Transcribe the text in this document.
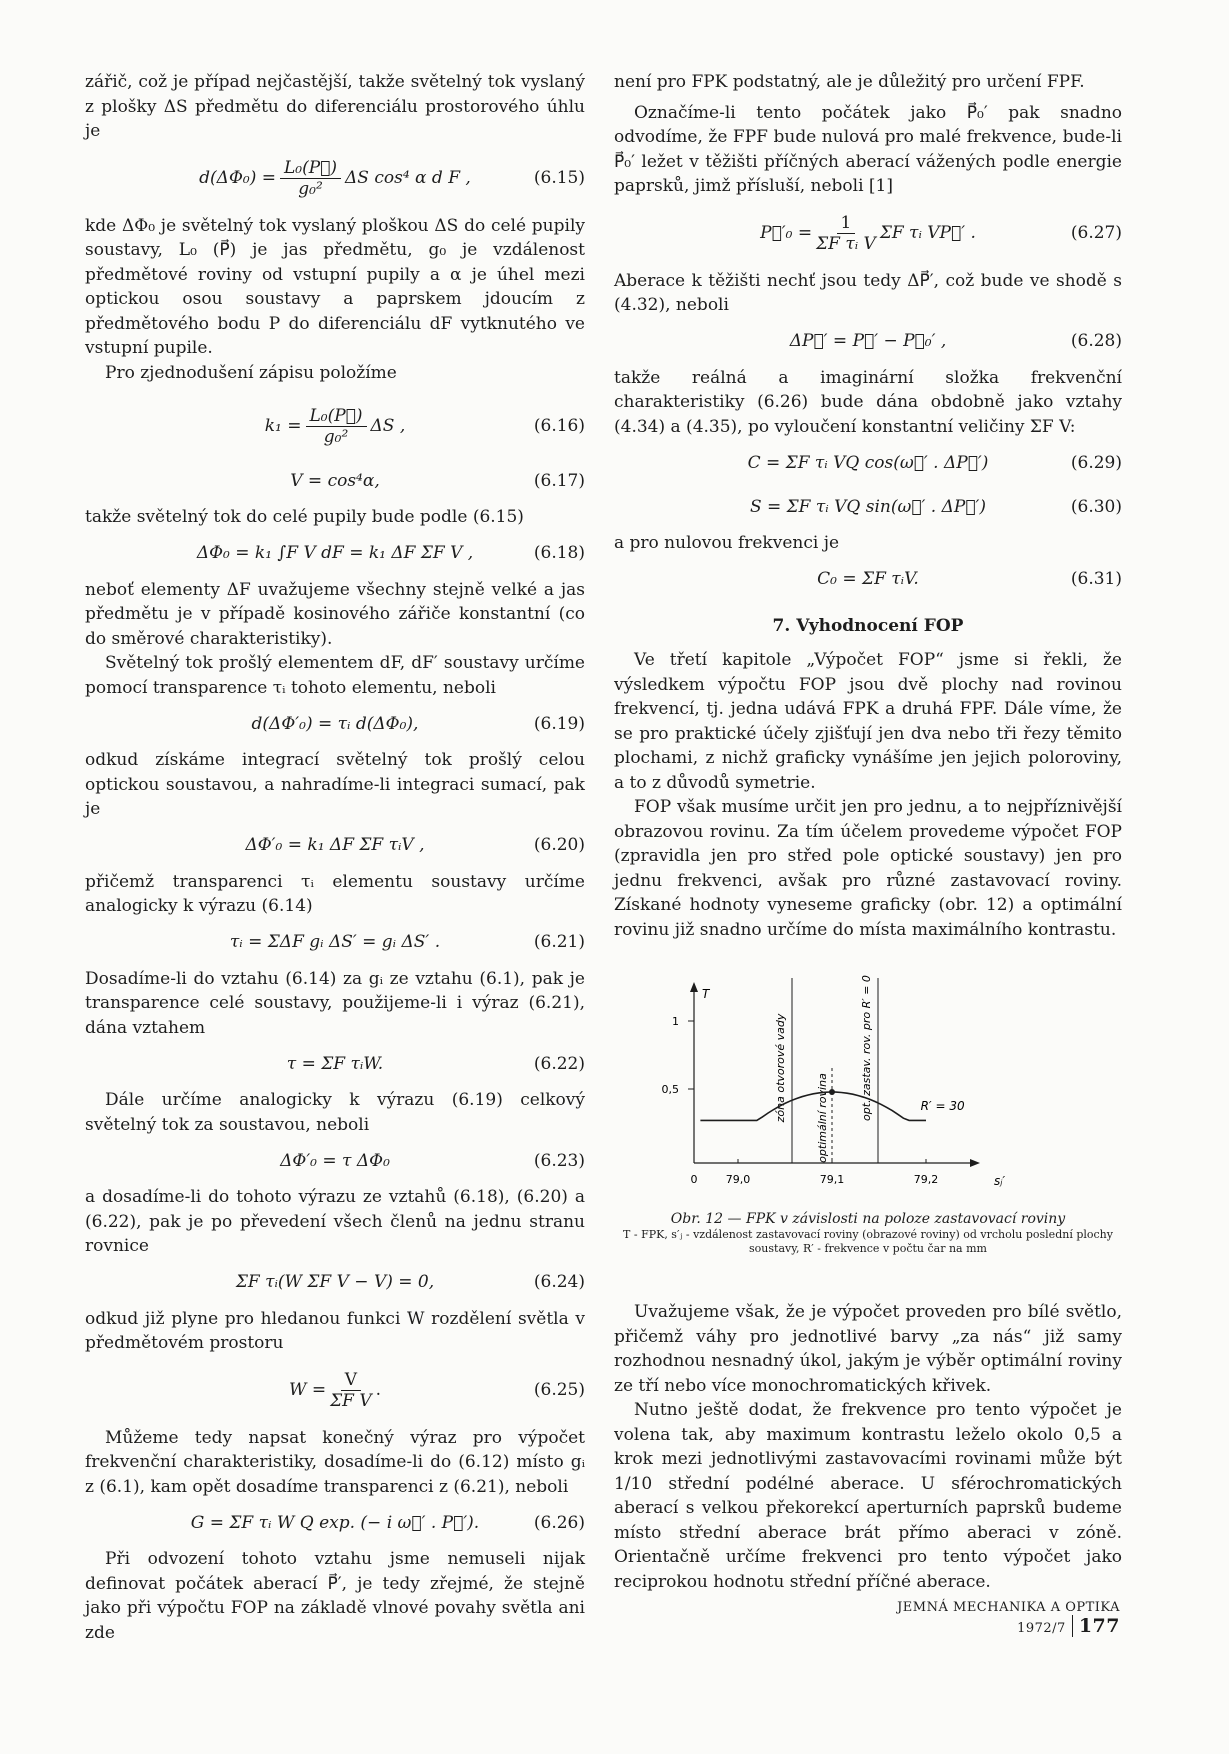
zářič, což je případ nejčastější, takže světelný tok vyslaný z plošky ΔS předmětu do diferenciálu prostorového úhlu je

$d(\Delta\Phi_0) = \frac{\text{L₀(P⃗)}}{\text{g₀²}}$ ΔS cos⁴ α d F ,	(6.15)

kde ΔΦ₀ je světelný tok vyslaný ploškou ΔS do celé pupily soustavy, L₀ (P⃗) je jas předmětu, g₀ je vzdálenost předmětové roviny od vstupní pupily a α je úhel mezi optickou osou soustavy a paprskem jdoucím z předmětového bodu P do diferenciálu dF vytknutého ve vstupní pupile.

Pro zjednodušení zápisu položíme

$k_1 = \frac{\text{L₀(P⃗)}}{\text{g₀²}}$ ΔS ,	(6.16)
V = cos⁴α,	(6.17)

takže světelný tok do celé pupily bude podle (6.15)

ΔΦ₀ = k₁ ∫F V dF = k₁ ΔF ΣF V ,	(6.18)

neboť elementy ΔF uvažujeme všechny stejně velké a jas předmětu je v případě kosinového zářiče konstantní (co do směrové charakteristiky).

Světelný tok prošlý elementem dF, dF′ soustavy určíme pomocí transparence τᵢ tohoto elementu, neboli

d(ΔΦ′₀) = τᵢ d(ΔΦ₀),	(6.19)

odkud získáme integrací světelný tok prošlý celou optickou soustavou, a nahradíme-li integraci sumací, pak je

ΔΦ′₀ = k₁ ΔF ΣF τᵢV ,	(6.20)

přičemž transparenci τᵢ elementu soustavy určíme analogicky k výrazu (6.14)

τᵢ = ΣΔF gᵢ ΔS′ = gᵢ ΔS′ .	(6.21)

Dosadíme-li do vztahu (6.14) za gᵢ ze vztahu (6.1), pak je transparence celé soustavy, použijeme-li i výraz (6.21), dána vztahem

τ = ΣF τᵢW.	(6.22)

Dále určíme analogicky k výrazu (6.19) celkový světelný tok za soustavou, neboli

ΔΦ′₀ = τ ΔΦ₀	(6.23)

a dosadíme-li do tohoto výrazu ze vztahů (6.18), (6.20) a (6.22), pak je po převedení všech členů na jednu stranu rovnice

ΣF τᵢ(W ΣF V − V) = 0,	(6.24)

odkud již plyne pro hledanou funkci W rozdělení světla v předmětovém prostoru

$W = \frac{V}{\text{ΣF V}}$ .	(6.25)

Můžeme tedy napsat konečný výraz pro výpočet frekvenční charakteristiky, dosadíme-li do (6.12) místo gᵢ z (6.1), kam opět dosadíme transparenci z (6.21), neboli

G = ΣF τᵢ W Q exp. (− i ω⃗′ . P⃗′).	(6.26)

Při odvození tohoto vztahu jsme nemuseli nijak definovat počátek aberací P⃗′, je tedy zřejmé, že stejně jako při výpočtu FOP na základě vlnové povahy světla ani zde

není pro FPK podstatný, ale je důležitý pro určení FPF.

Označíme-li tento počátek jako P⃗₀′ pak snadno odvodíme, že FPF bude nulová pro malé frekvence, bude-li P⃗₀′ ležet v těžišti příčných aberací vážených podle energie paprsků, jimž přísluší, neboli [1]

P⃗′₀ = $\frac{1}{\text{ΣF τᵢ V}}$ ΣF τᵢ VP⃗′ .	(6.27)

Aberace k těžišti nechť jsou tedy ΔP⃗′, což bude ve shodě s (4.32), neboli

ΔP⃗′ = P⃗′ − P⃗₀′ ,	(6.28)

takže reálná a imaginární složka frekvenční charakteristiky (6.26) bude dána obdobně jako vztahy (4.34) a (4.35), po vyloučení konstantní veličiny ΣF V:

C = ΣF τᵢ VQ cos(ω⃗′ . ΔP⃗′)	(6.29)
S = ΣF τᵢ VQ sin(ω⃗′ . ΔP⃗′)	(6.30)

a pro nulovou frekvenci je

C₀ = ΣF τᵢV.	(6.31)
7. Vyhodnocení FOP

Ve třetí kapitole „Výpočet FOP“ jsme si řekli, že výsledkem výpočtu FOP jsou dvě plochy nad rovinou frekvencí, tj. jedna udává FPK a druhá FPF. Dále víme, že se pro praktické účely zjišťují jen dva nebo tři řezy těmito plochami, z nichž graficky vynášíme jen jejich poloroviny, a to z důvodů symetrie.

FOP však musíme určit jen pro jednu, a to nejpříznivější obrazovou rovinu. Za tím účelem provedeme výpočet FOP (zpravidla jen pro střed pole optické soustavy) jen pro jednu frekvenci, avšak pro různé zastavovací roviny. Získané hodnoty vyneseme graficky (obr. 12) a optimální rovinu již snadno určíme do místa maximálního kontrastu.

T
sⱼ′
1
0,5
0	79,0	79,1	79,2
zóna otvorové vady	opt. zastav. rov. pro R′ = 0
optimální rovina	R′ = 30
Obr. 12 — FPK v závislosti na poloze zastavovací roviny
T - FPK, s′ⱼ - vzdálenost zastavovací roviny (obrazové roviny) od vrcholu poslední plochy soustavy, R′ - frekvence v počtu čar na mm

Uvažujeme však, že je výpočet proveden pro bílé světlo, přičemž váhy pro jednotlivé barvy „za nás“ již samy rozhodnou nesnadný úkol, jakým je výběr optimální roviny ze tří nebo více monochromatických křivek.

Nutno ještě dodat, že frekvence pro tento výpočet je volena tak, aby maximum kontrastu leželo okolo 0,5 a krok mezi jednotlivými zastavovacími rovinami může být 1/10 střední podélné aberace. U sférochromatických aberací s velkou překorekcí aperturních paprsků budeme místo střední aberace brát přímo aberaci v zóně. Orientačně určíme frekvenci pro tento výpočet jako reciprokou hodnotu střední příčné aberace.

JEMNÁ MECHANIKA A OPTIKA 1972/7 177
